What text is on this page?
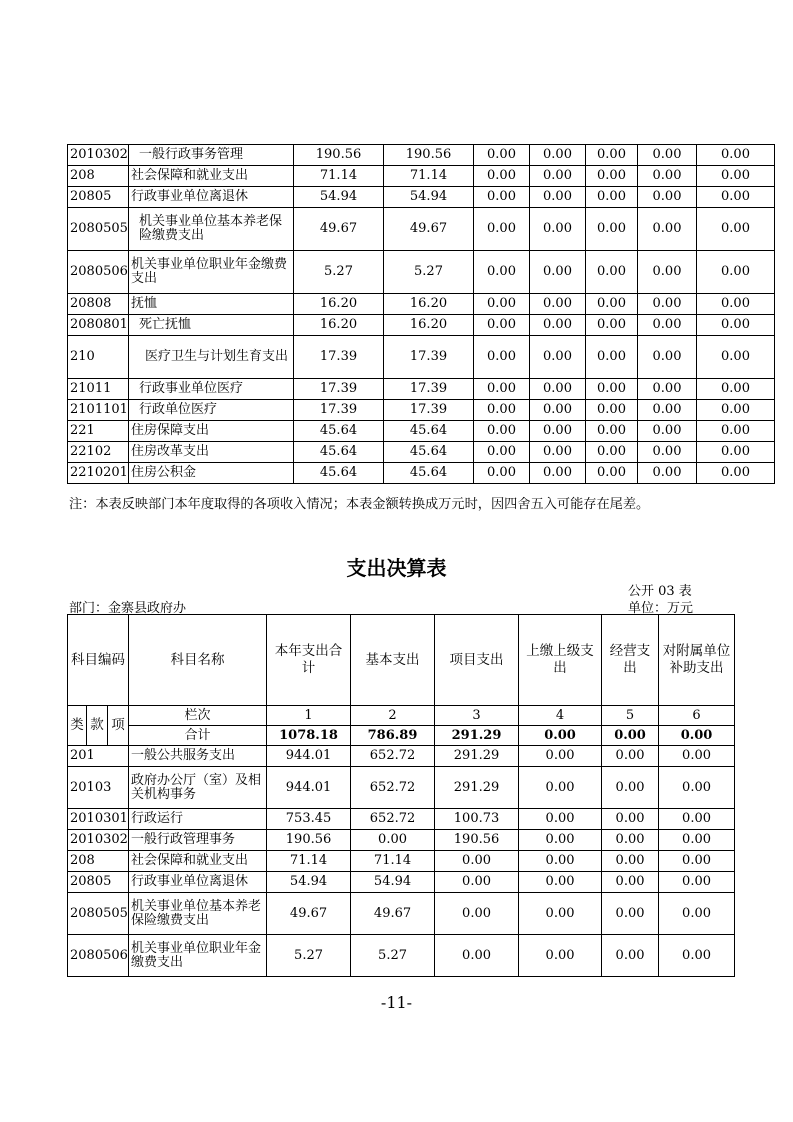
2010302	一般行政事务管理	190.56	190.56	0.00	0.00	0.00	0.00	0.00
208	社会保障和就业支出	71.14	71.14	0.00	0.00	0.00	0.00	0.00
20805	行政事业单位离退休	54.94	54.94	0.00	0.00	0.00	0.00	0.00
2080505	机关事业单位基本养老保险缴费支出	49.67	49.67	0.00	0.00	0.00	0.00	0.00
2080506	机关事业单位职业年金缴费支出	5.27	5.27	0.00	0.00	0.00	0.00	0.00
20808	抚恤	16.20	16.20	0.00	0.00	0.00	0.00	0.00
2080801	死亡抚恤	16.20	16.20	0.00	0.00	0.00	0.00	0.00
210	医疗卫生与计划生育支出	17.39	17.39	0.00	0.00	0.00	0.00	0.00
21011	行政事业单位医疗	17.39	17.39	0.00	0.00	0.00	0.00	0.00
2101101	行政单位医疗	17.39	17.39	0.00	0.00	0.00	0.00	0.00
221	住房保障支出	45.64	45.64	0.00	0.00	0.00	0.00	0.00
22102	住房改革支出	45.64	45.64	0.00	0.00	0.00	0.00	0.00
2210201	住房公积金	45.64	45.64	0.00	0.00	0.00	0.00	0.00
注：本表反映部门本年度取得的各项收入情况；本表金额转换成万元时，因四舍五入可能存在尾差。
支出决算表
公开 03 表
部门：金寨县政府办	单位：万元
科目编码			科目名称	本年支出合计	基本支出	项目支出	上缴上级支出	经营支出	对附属单位补助支出
类	款	项	栏次	1	2	3	4	5	6
			合计	1078.18	786.89	291.29	0.00	0.00	0.00
201			一般公共服务支出	944.01	652.72	291.29	0.00	0.00	0.00
20103			政府办公厅（室）及相关机构事务	944.01	652.72	291.29	0.00	0.00	0.00
2010301			行政运行	753.45	652.72	100.73	0.00	0.00	0.00
2010302			一般行政管理事务	190.56	0.00	190.56	0.00	0.00	0.00
208			社会保障和就业支出	71.14	71.14	0.00	0.00	0.00	0.00
20805			行政事业单位离退休	54.94	54.94	0.00	0.00	0.00	0.00
2080505			机关事业单位基本养老保险缴费支出	49.67	49.67	0.00	0.00	0.00	0.00
2080506			机关事业单位职业年金缴费支出	5.27	5.27	0.00	0.00	0.00	0.00
-11-
